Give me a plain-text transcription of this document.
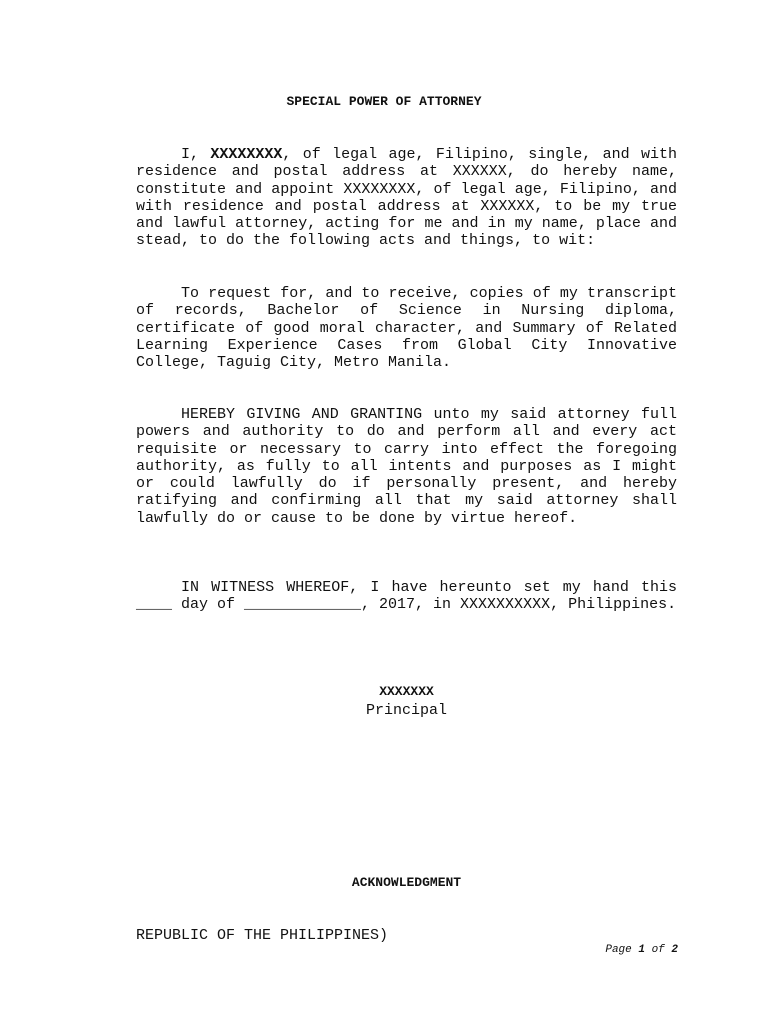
SPECIAL POWER OF ATTORNEY

I, XXXXXXXX, of legal age, Filipino, single, and with residence and postal address at XXXXXX, do hereby name, constitute and appoint XXXXXXXX, of legal age, Filipino, and with residence and postal address at XXXXXX, to be my true and lawful attorney, acting for me and in my name, place and stead, to do the following acts and things, to wit:

To request for, and to receive, copies of my transcript of records, Bachelor of Science in Nursing diploma, certificate of good moral character, and Summary of Related Learning Experience Cases from Global City Innovative College, Taguig City, Metro Manila.

HEREBY GIVING AND GRANTING unto my said attorney full powers and authority to do and perform all and every act requisite or necessary to carry into effect the foregoing authority, as fully to all intents and purposes as I might or could lawfully do if personally present, and hereby ratifying and confirming all that my said attorney shall lawfully do or cause to be done by virtue hereof.

IN WITNESS WHEREOF, I have hereunto set my hand this ____ day of _____________, 2017, in XXXXXXXXXX, Philippines.

XXXXXXX
Principal
ACKNOWLEDGMENT
REPUBLIC OF THE PHILIPPINES)
Page 1 of 2
